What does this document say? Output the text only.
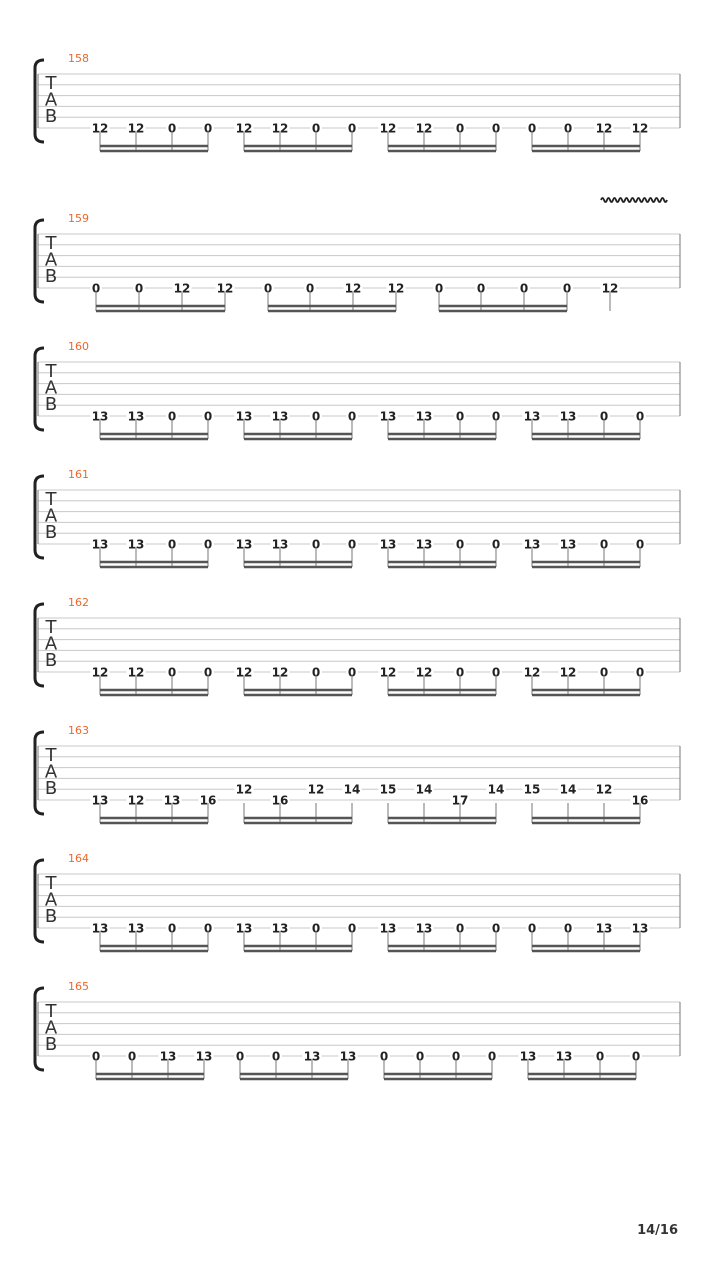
T
A
B
158
12 12 0 0 12 12 0 0 12 12 0 0 0 0 12 12
T
A
B
159
0	0	12 12	0	0	12 12	0	0	0	0	12
T
A
B
160
13 13 0 0 13 13 0 0 13 13 0 0 13 13 0 0
T
A
B
161
13 13 0 0 13 13 0 0 13 13 0 0 13 13 0 0
T
A
B
162
12 12 0 0 12 12 0 0 12 12 0 0 12 12 0 0
T
A
B
163
13 12 13 16
12
16
12 14 15 14
17
14 15 14 12
16
T
A
B
164
13 13 0 0 13 13 0 0 13 13 0 0 0 0 13 13
T
A
B
165
0 0 13 13 0 0 13 13 0 0 0 0 13 13 0 0
14/16
